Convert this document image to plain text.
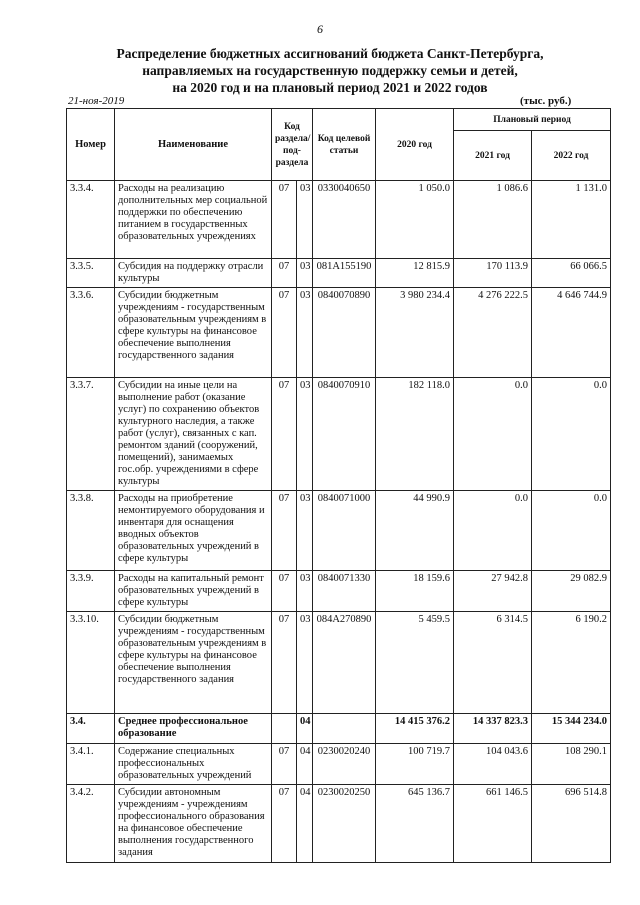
6
Распределение бюджетных ассигнований бюджета Санкт-Петербурга,
направляемых на государственную поддержку семьи и детей,
на 2020 год и на плановый период 2021 и 2022 годов
21-ноя-2019	(тыс. руб.)
Номер	Наименование	Код раздела/ под- раздела		Код целевой статьи	2020 год	Плановый период	
						2021 год	2022 год
3.3.4.	Расходы на реализацию дополнительных мер социальной поддержки по обеспечению питанием в государственных образовательных учреждениях	07	03	0330040650	1 050.0	1 086.6	1 131.0
3.3.5.	Субсидия на поддержку отрасли культуры	07	03	081A155190	12 815.9	170 113.9	66 066.5
3.3.6.	Субсидии бюджетным учреждениям - государственным образовательным учреждениям в сфере культуры на финансовое обеспечение выполнения государственного задания	07	03	0840070890	3 980 234.4	4 276 222.5	4 646 744.9
3.3.7.	Субсидии на иные цели на выполнение работ (оказание услуг) по сохранению объектов культурного наследия, а также работ (услуг), связанных с кап. ремонтом зданий (сооружений, помещений), занимаемых гос.обр. учреждениями в сфере культуры	07	03	0840070910	182 118.0	0.0	0.0
3.3.8.	Расходы на приобретение немонтируемого оборудования и инвентаря для оснащения вводных объектов образовательных учреждений в сфере культуры	07	03	0840071000	44 990.9	0.0	0.0
3.3.9.	Расходы на капитальный ремонт образовательных учреждений в сфере культуры	07	03	0840071330	18 159.6	27 942.8	29 082.9
3.3.10.	Субсидии бюджетным учреждениям - государственным образовательным учреждениям в сфере культуры на финансовое обеспечение выполнения государственного задания	07	03	084A270890	5 459.5	6 314.5	6 190.2
3.4.	Среднее профессиональное образование		04		14 415 376.2	14 337 823.3	15 344 234.0
3.4.1.	Содержание специальных профессиональных образовательных учреждений	07	04	0230020240	100 719.7	104 043.6	108 290.1
3.4.2.	Субсидии автономным учреждениям - учреждениям профессионального образования на финансовое обеспечение выполнения государственного задания	07	04	0230020250	645 136.7	661 146.5	696 514.8
